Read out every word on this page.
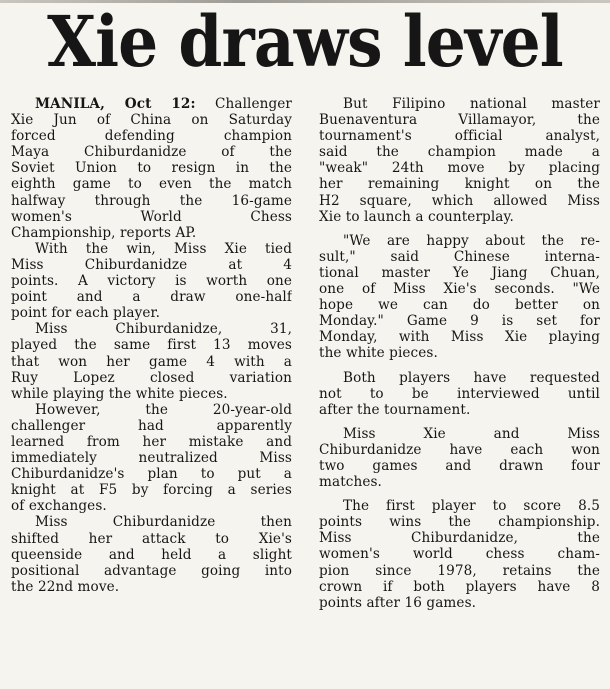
Xie draws level

MANILA, Oct 12: Challenger
Xie Jun of China on Saturday
forced defending champion
Maya Chiburdanidze of the
Soviet Union to resign in the
eighth game to even the match
halfway through the 16-game
women's World Chess
Championship, reports AP.

With the win, Miss Xie tied
Miss Chiburdanidze at 4
points. A victory is worth one
point and a draw one-half
point for each player.

Miss Chiburdanidze, 31,
played the same first 13 moves
that won her game 4 with a
Ruy Lopez closed variation
while playing the white pieces.

However, the 20-year-old
challenger had apparently
learned from her mistake and
immediately neutralized Miss
Chiburdanidze's plan to put a
knight at F5 by forcing a series
of exchanges.

Miss Chiburdanidze then
shifted her attack to Xie's
queenside and held a slight
positional advantage going into
the 22nd move.

But Filipino national master
Buenaventura Villamayor, the
tournament's official analyst,
said the champion made a
"weak" 24th move by placing
her remaining knight on the
H2 square, which allowed Miss
Xie to launch a counterplay.

"We are happy about the re-
sult," said Chinese interna-
tional master Ye Jiang Chuan,
one of Miss Xie's seconds. "We
hope we can do better on
Monday." Game 9 is set for
Monday, with Miss Xie playing
the white pieces.

Both players have requested
not to be interviewed until
after the tournament.

Miss Xie and Miss
Chiburdanidze have each won
two games and drawn four
matches.

The first player to score 8.5
points wins the championship.
Miss Chiburdanidze, the
women's world chess cham-
pion since 1978, retains the
crown if both players have 8
points after 16 games.
